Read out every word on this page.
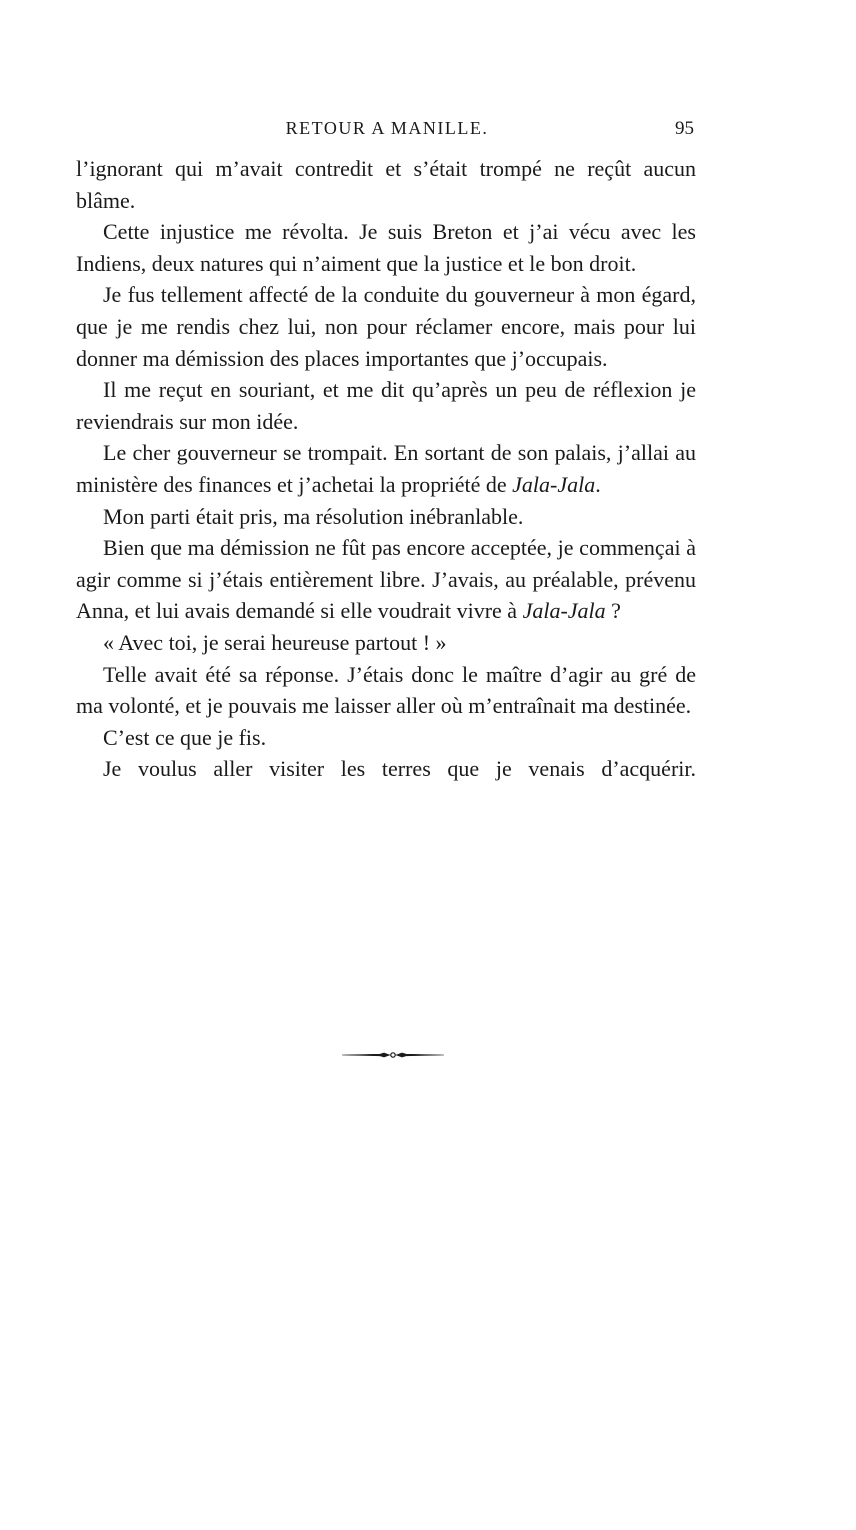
RETOUR A MANILLE.	95

l’ignorant qui m’avait contredit et s’était trompé ne reçût aucun blâme.

Cette injustice me révolta. Je suis Breton et j’ai vécu avec les Indiens, deux natures qui n’aiment que la justice et le bon droit.

Je fus tellement affecté de la conduite du gouverneur à mon égard, que je me rendis chez lui, non pour réclamer encore, mais pour lui donner ma démission des places importantes que j’occupais.

Il me reçut en souriant, et me dit qu’après un peu de réflexion je reviendrais sur mon idée.

Le cher gouverneur se trompait. En sortant de son palais, j’allai au ministère des finances et j’achetai la propriété de Jala-Jala.

Mon parti était pris, ma résolution inébranlable.

Bien que ma démission ne fût pas encore acceptée, je commençai à agir comme si j’étais entièrement libre. J’avais, au préalable, prévenu Anna, et lui avais demandé si elle voudrait vivre à Jala-Jala ?

« Avec toi, je serai heureuse partout ! »

Telle avait été sa réponse. J’étais donc le maître d’agir au gré de ma volonté, et je pouvais me laisser aller où m’entraînait ma destinée.

C’est ce que je fis.

Je voulus aller visiter les terres que je venais d’acquérir.
